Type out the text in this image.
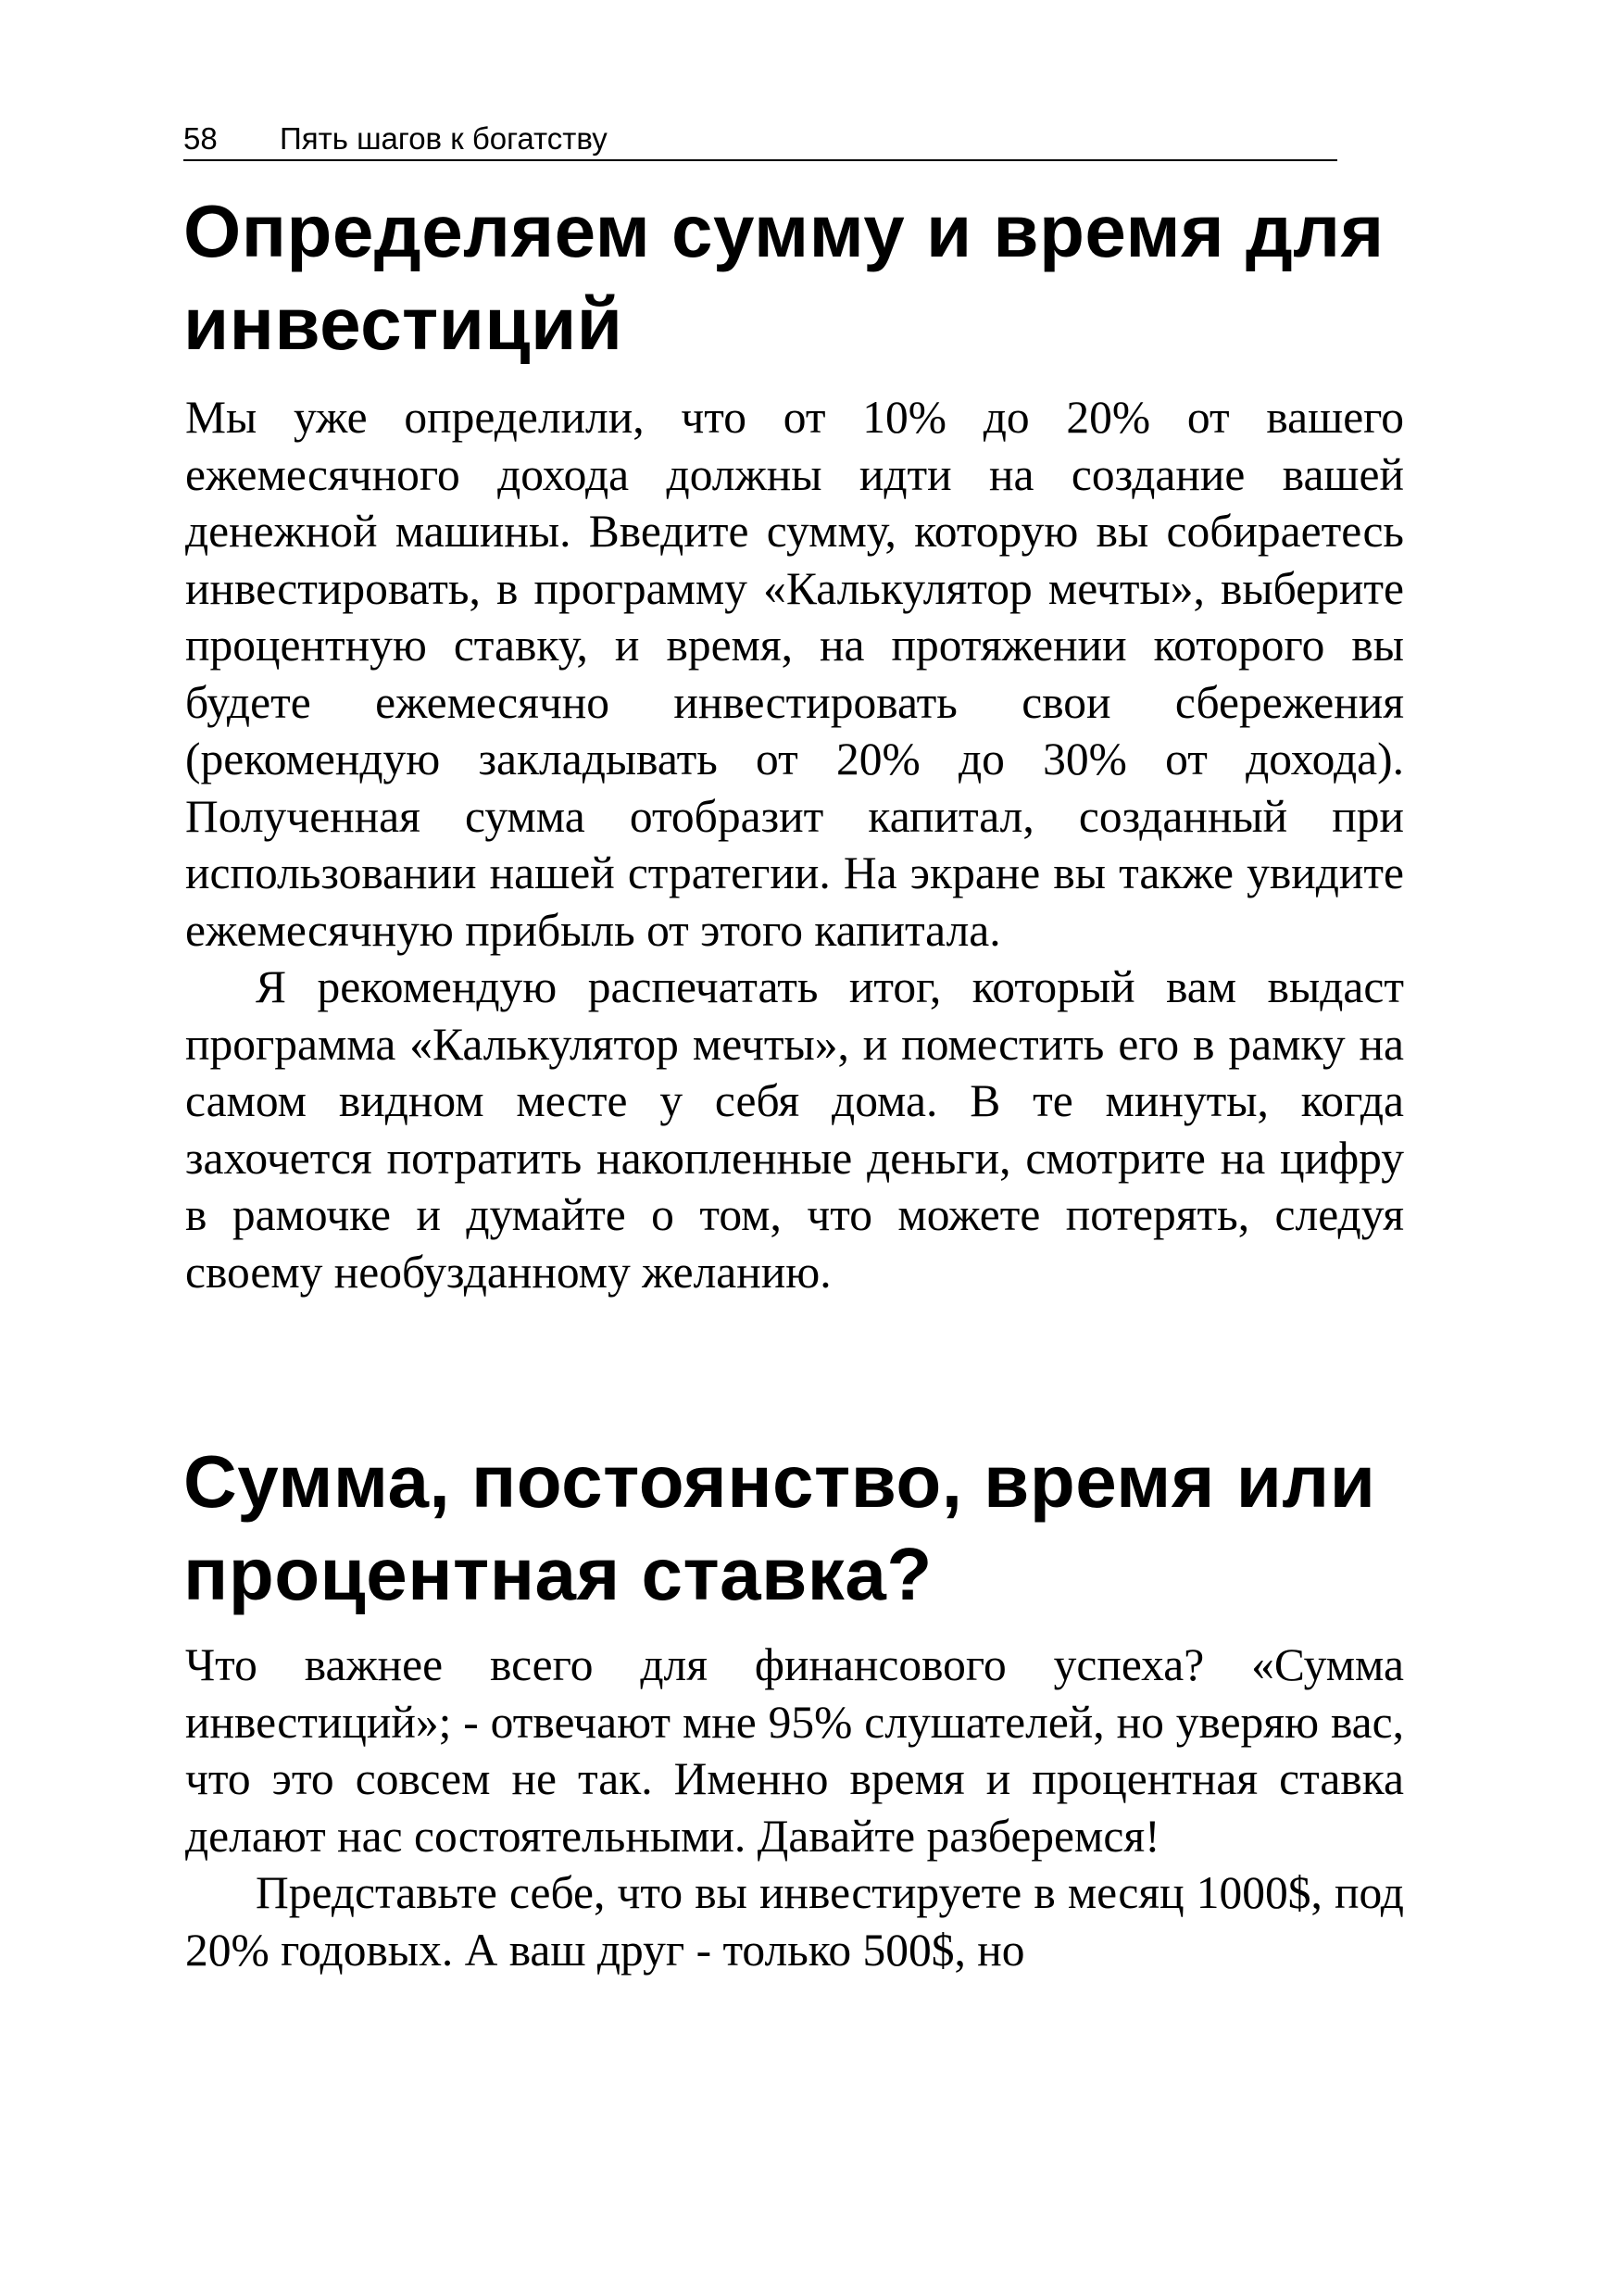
58 Пять шагов к богатству
Определяем сумму и время для инвестиций

Мы уже определили, что от 10% до 20% от вашего ежемесячного дохода должны идти на создание вашей денежной машины. Введите сумму, которую вы собираетесь инвестировать, в программу «Калькулятор мечты», выберите процентную ставку, и время, на протяжении которого вы будете ежемесячно инвестировать свои сбережения (рекомендую закладывать от 20% до 30% от дохода). Полученная сумма отобразит капитал, созданный при использовании нашей стратегии. На экране вы также увидите ежемесячную прибыль от этого капитала.

Я рекомендую распечатать итог, который вам выдаст программа «Калькулятор мечты», и поместить его в рамку на самом видном месте у себя дома. В те минуты, когда захочется потратить накопленные деньги, смотрите на цифру в рамочке и думайте о том, что можете потерять, следуя своему необузданному желанию.

Сумма, постоянство, время или процентная ставка?

Что важнее всего для финансового успеха? «Сумма инвестиций»; - отвечают мне 95% слушателей, но уверяю вас, что это совсем не так. Именно время и процентная ставка делают нас состоятельными. Давайте разберемся!

Представьте себе, что вы инвестируете в месяц 1000$, под 20% годовых. А ваш друг - только 500$, но
